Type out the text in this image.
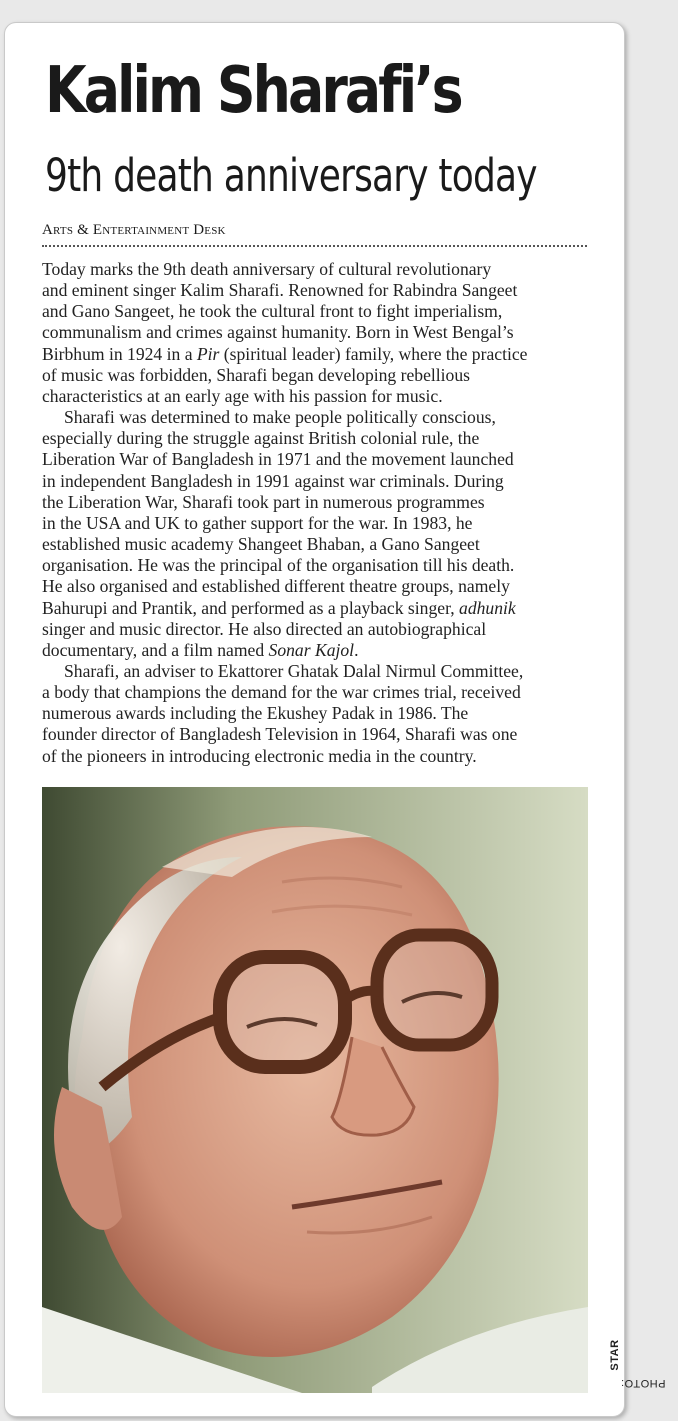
Kalim Sharafi’s
9th death anniversary today
Arts & Entertainment Desk
Today marks the 9th death anniversary of cultural revolutionary
and eminent singer Kalim Sharafi. Renowned for Rabindra Sangeet
and Gano Sangeet, he took the cultural front to fight imperialism,
communalism and crimes against humanity. Born in West Bengal’s
Birbhum in 1924 in a Pir (spiritual leader) family, where the practice
of music was forbidden, Sharafi began developing rebellious
characteristics at an early age with his passion for music.
Sharafi was determined to make people politically conscious,
especially during the struggle against British colonial rule, the
Liberation War of Bangladesh in 1971 and the movement launched
in independent Bangladesh in 1991 against war criminals. During
the Liberation War, Sharafi took part in numerous programmes
in the USA and UK to gather support for the war. In 1983, he
established music academy Shangeet Bhaban, a Gano Sangeet
organisation. He was the principal of the organisation till his death.
He also organised and established different theatre groups, namely
Bahurupi and Prantik, and performed as a playback singer, adhunik
singer and music director. He also directed an autobiographical
documentary, and a film named Sonar Kajol.
Sharafi, an adviser to Ekattorer Ghatak Dalal Nirmul Committee,
a body that champions the demand for the war crimes trial, received
numerous awards including the Ekushey Padak in 1986. The
founder director of Bangladesh Television in 1964, Sharafi was one
of the pioneers in introducing electronic media in the country.
PHOTO:
STAR
